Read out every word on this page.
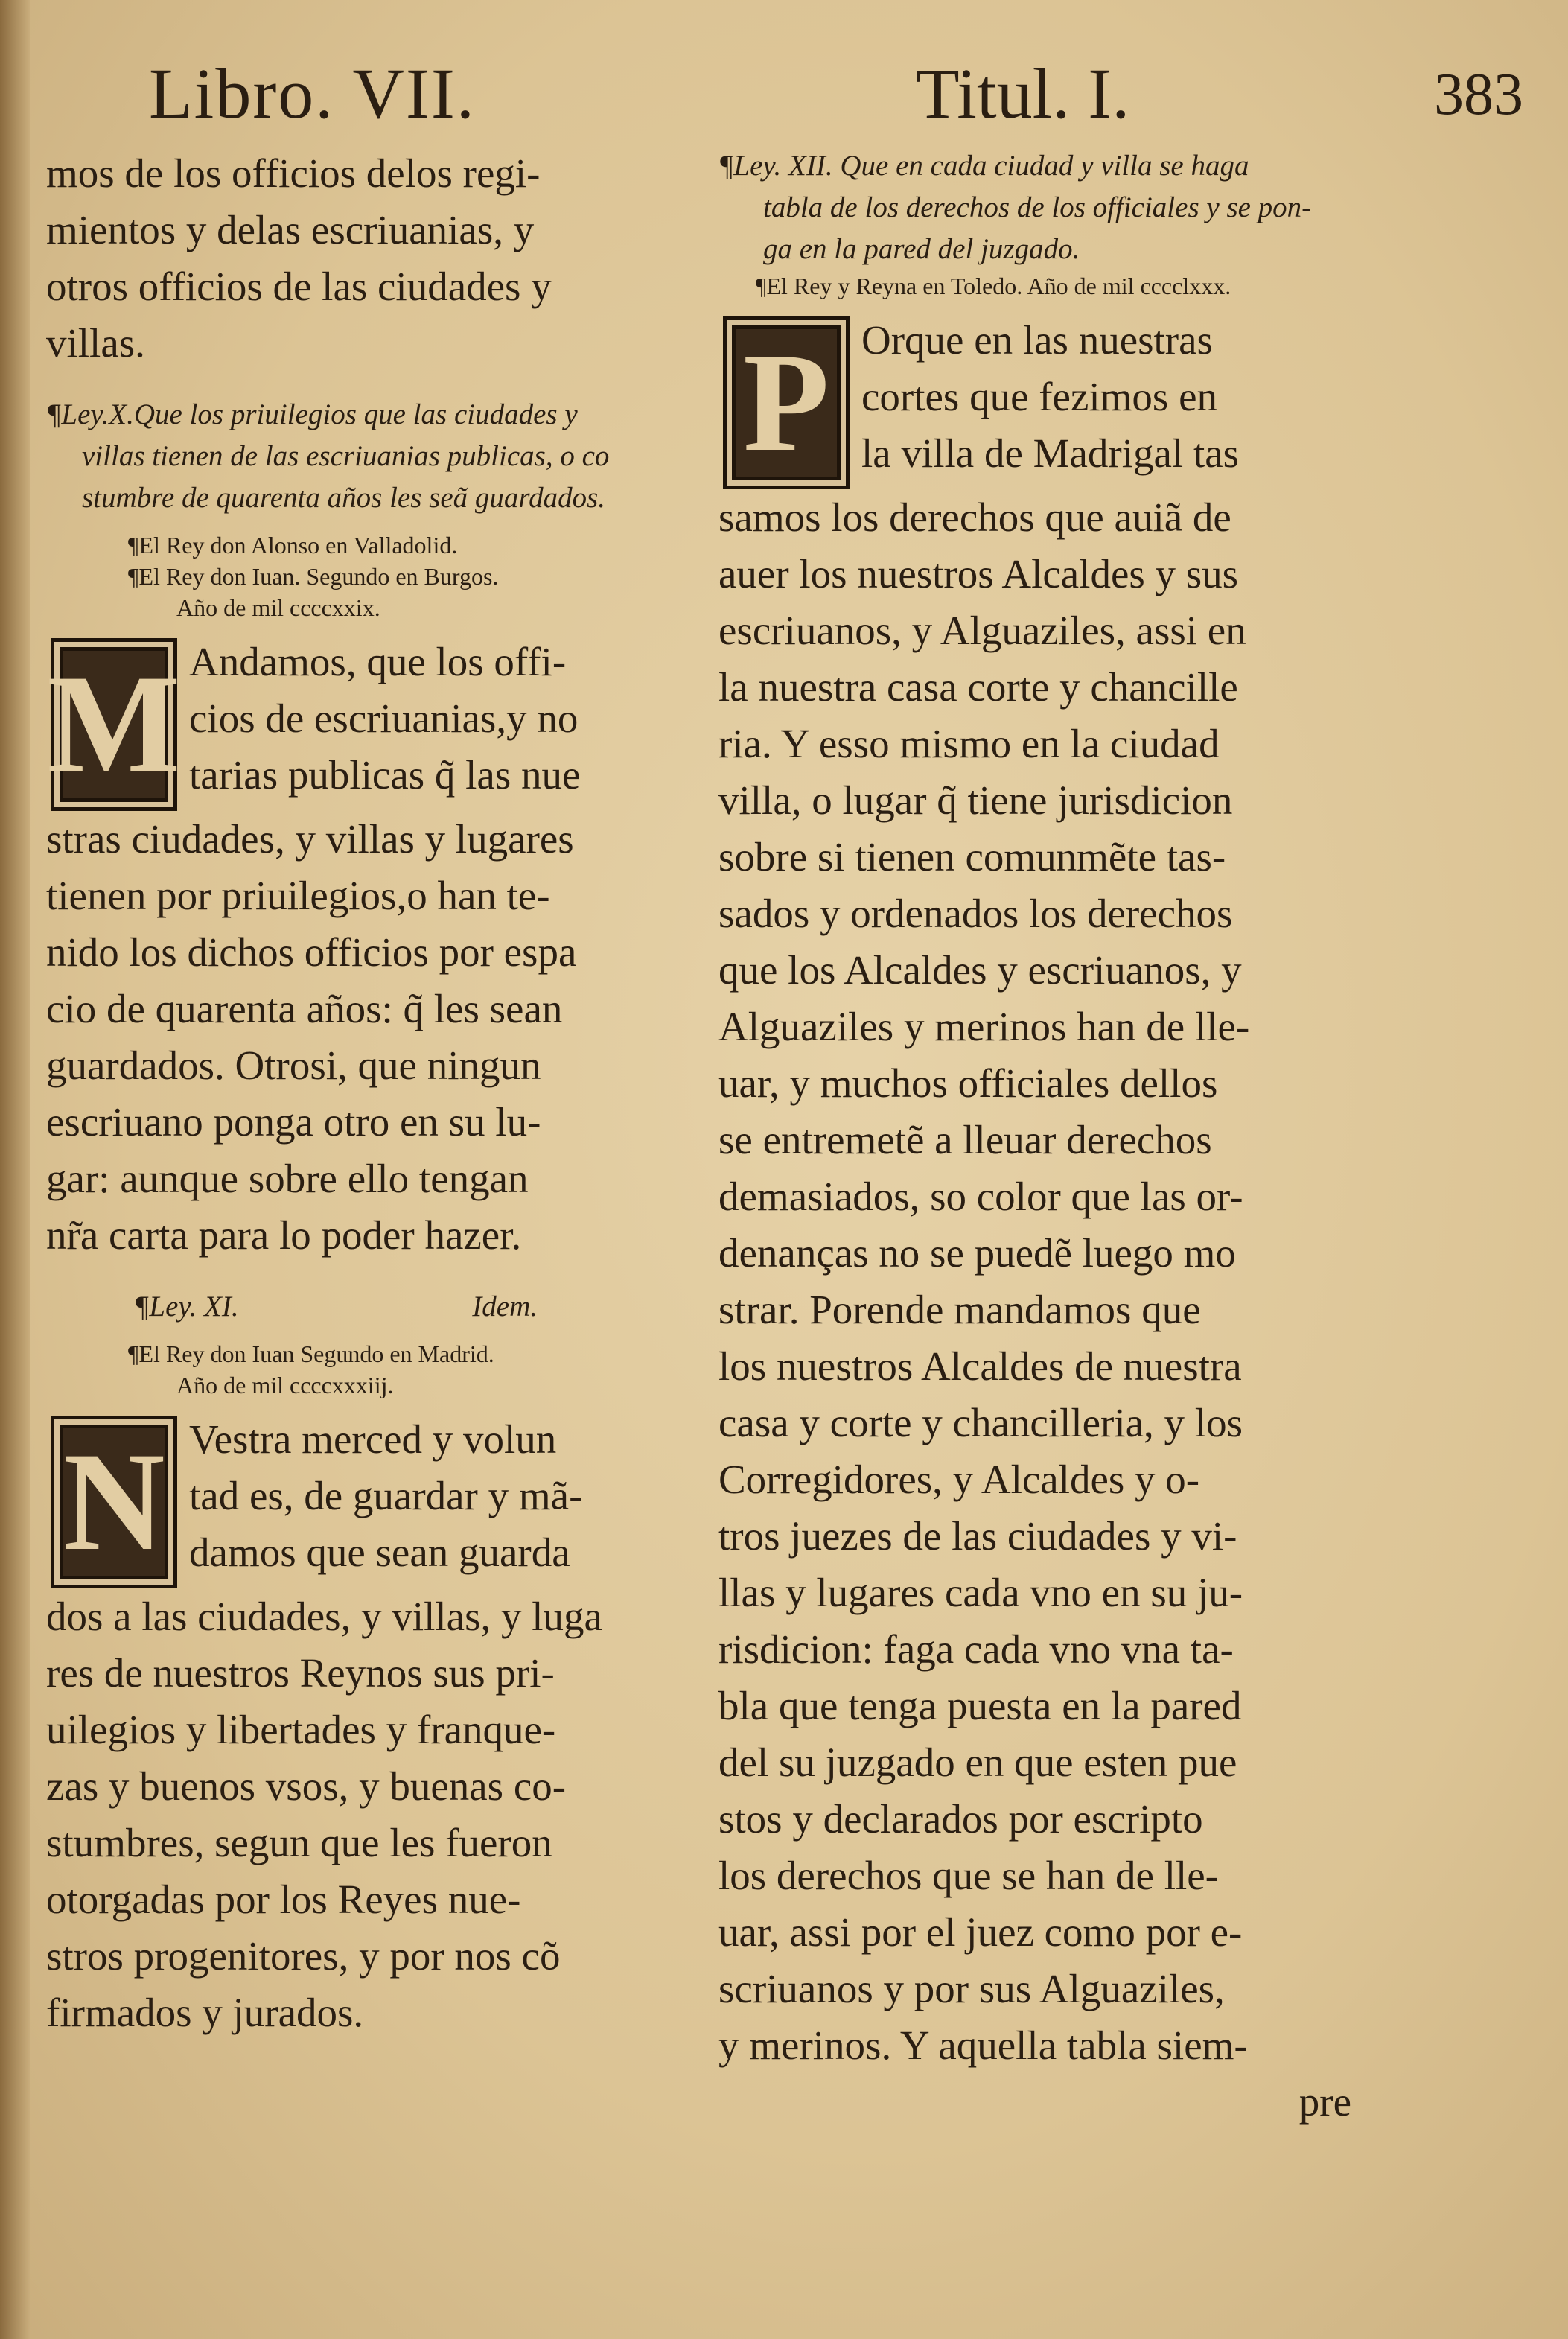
Libro. VII.	Titul. I.	383
mos de los officios delos regi-
mientos y delas escriuanias, y
otros officios de las ciudades y
villas.
¶Ley.X.Que los priuilegios que las ciudades y
villas tienen de las escriuanias publicas, o co
stumbre de quarenta años les seã guardados.
¶El Rey don Alonso en Valladolid.
¶El Rey don Iuan. Segundo en Burgos.
Año de mil ccccxxix.
M Andamos, que los offi-
cios de escriuanias,y no
tarias publicas q̃ las nue
stras ciudades, y villas y lugares
tienen por priuilegios,o han te-
nido los dichos officios por espa
cio de quarenta años: q̃ les sean
guardados. Otrosi, que ningun
escriuano ponga otro en su lu-
gar: aunque sobre ello tengan
nr̃a carta para lo poder hazer.
¶Ley. XI.	Idem.
¶El Rey don Iuan Segundo en Madrid.
Año de mil ccccxxxiij.
N Vestra merced y volun
tad es, de guardar y mã-
damos que sean guarda
dos a las ciudades, y villas, y luga
res de nuestros Reynos sus pri-
uilegios y libertades y franque-
zas y buenos vsos, y buenas co-
stumbres, segun que les fueron
otorgadas por los Reyes nue-
stros progenitores, y por nos cõ
firmados y jurados.
¶Ley. XII. Que en cada ciudad y villa se haga
tabla de los derechos de los officiales y se pon-
ga en la pared del juzgado.
¶El Rey y Reyna en Toledo. Año de mil cccclxxx.
P Orque en las nuestras
cortes que fezimos en
la villa de Madrigal tas
samos los derechos que auiã de
auer los nuestros Alcaldes y sus
escriuanos, y Alguaziles, assi en
la nuestra casa corte y chancille
ria. Y esso mismo en la ciudad
villa, o lugar q̃ tiene jurisdicion
sobre si tienen comunmẽte tas-
sados y ordenados los derechos
que los Alcaldes y escriuanos, y
Alguaziles y merinos han de lle-
uar, y muchos officiales dellos
se entremetẽ a lleuar derechos
demasiados, so color que las or-
denanças no se puedẽ luego mo
strar. Porende mandamos que
los nuestros Alcaldes de nuestra
casa y corte y chancilleria, y los
Corregidores, y Alcaldes y o-
tros juezes de las ciudades y vi-
llas y lugares cada vno en su ju-
risdicion: faga cada vno vna ta-
bla que tenga puesta en la pared
del su juzgado en que esten pue
stos y declarados por escripto
los derechos que se han de lle-
uar, assi por el juez como por e-
scriuanos y por sus Alguaziles,
y merinos. Y aquella tabla siem-
pre
